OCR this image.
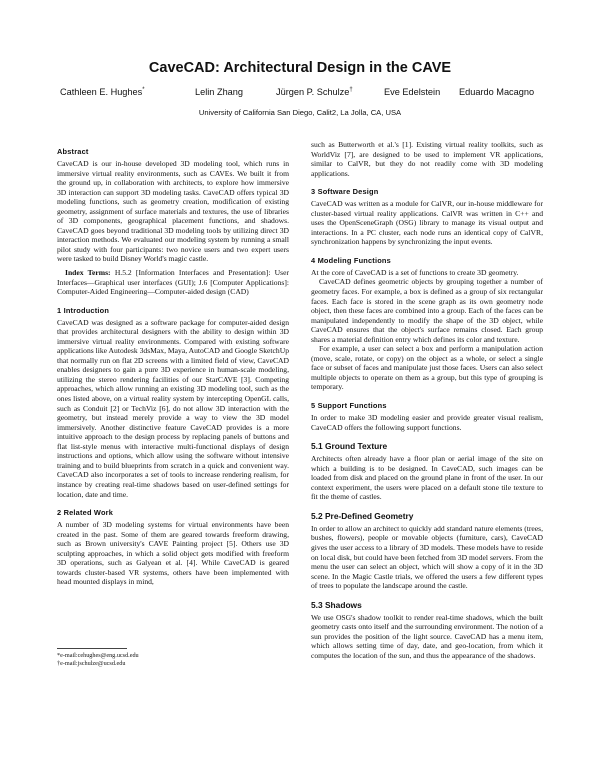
CaveCAD: Architectural Design in the CAVE
Cathleen E. Hughes*	Lelin Zhang	Jürgen P. Schulze†	Eve Edelstein Eduardo Macagno
University of California San Diego, Calit2, La Jolla, CA, USA
Abstract

CaveCAD is our in-house developed 3D modeling tool, which runs in immersive virtual reality environments, such as CAVEs. We built it from the ground up, in collaboration with architects, to explore how immersive 3D interaction can support 3D modeling tasks. CaveCAD offers typical 3D modeling functions, such as geometry creation, modification of existing geometry, assignment of surface materials and textures, the use of libraries of 3D components, geographical placement functions, and shadows. CaveCAD goes beyond traditional 3D modeling tools by utilizing direct 3D interaction methods. We evaluated our modeling system by running a small pilot study with four participants: two novice users and two expert users were tasked to build Disney World's magic castle.

Index Terms: H.5.2 [Information Interfaces and Presentation]: User Interfaces—Graphical user interfaces (GUI); J.6 [Computer Applications]: Computer-Aided Engineering—Computer-aided design (CAD)

1 Introduction

CaveCAD was designed as a software package for computer-aided design that provides architectural designers with the ability to design within 3D immersive virtual reality environments. Compared with existing software applications like Autodesk 3dsMax, Maya, AutoCAD and Google SketchUp that normally run on flat 2D screens with a limited field of view, CaveCAD enables designers to gain a pure 3D experience in human-scale modeling, utilizing the stereo rendering facilities of our StarCAVE [3]. Competing approaches, which allow running an existing 3D modeling tool, such as the ones listed above, on a virtual reality system by intercepting OpenGL calls, such as Conduit [2] or TechViz [6], do not allow 3D interaction with the geometry, but instead merely provide a way to view the 3D model immersively. Another distinctive feature CaveCAD provides is a more intuitive approach to the design process by replacing panels of buttons and flat list-style menus with interactive multi-functional displays of design instructions and options, which allow using the software without intensive training and to build blueprints from scratch in a quick and convenient way. CaveCAD also incorporates a set of tools to increase rendering realism, for instance by creating real-time shadows based on user-defined settings for location, date and time.

2 Related Work

A number of 3D modeling systems for virtual environments have been created in the past. Some of them are geared towards freeform drawing, such as Brown university's CAVE Painting project [5]. Others use 3D sculpting approaches, in which a solid object gets modified with freeform 3D operations, such as Galyean et al. [4]. While CaveCAD is geared towards cluster-based VR systems, others have been implemented with head mounted displays in mind,

*e-mail:cehughes@eng.ucsd.edu
†e-mail:jschulze@ucsd.edu

such as Butterworth et al.'s [1]. Existing virtual reality toolkits, such as WorldViz [7], are designed to be used to implement VR applications, similar to CalVR, but they do not readily come with 3D modeling applications.

3 Software Design

CaveCAD was written as a module for CalVR, our in-house middleware for cluster-based virtual reality applications. CalVR was written in C++ and uses the OpenSceneGraph (OSG) library to manage its visual output and interactions. In a PC cluster, each node runs an identical copy of CalVR, synchronization happens by synchronizing the input events.

4 Modeling Functions

At the core of CaveCAD is a set of functions to create 3D geometry.

CaveCAD defines geometric objects by grouping together a number of geometry faces. For example, a box is defined as a group of six rectangular faces. Each face is stored in the scene graph as its own geometry node object, then these faces are combined into a group. Each of the faces can be manipulated independently to modify the shape of the 3D object, while CaveCAD ensures that the object's surface remains closed. Each group shares a material definition entry which defines its color and texture.

For example, a user can select a box and perform a manipulation action (move, scale, rotate, or copy) on the object as a whole, or select a single face or subset of faces and manipulate just those faces. Users can also select multiple objects to operate on them as a group, but this type of grouping is temporary.

5 Support Functions

In order to make 3D modeling easier and provide greater visual realism, CaveCAD offers the following support functions.

5.1 Ground Texture

Architects often already have a floor plan or aerial image of the site on which a building is to be designed. In CaveCAD, such images can be loaded from disk and placed on the ground plane in front of the user. In our context experiment, the users were placed on a default stone tile texture to fit the theme of castles.

5.2 Pre-Defined Geometry

In order to allow an architect to quickly add standard nature elements (trees, bushes, flowers), people or movable objects (furniture, cars), CaveCAD gives the user access to a library of 3D models. These models have to reside on local disk, but could have been fetched from 3D model servers. From the menu the user can select an object, which will show a copy of it in the 3D scene. In the Magic Castle trials, we offered the users a few different types of trees to populate the landscape around the castle.

5.3 Shadows

We use OSG's shadow toolkit to render real-time shadows, which the built geometry casts onto itself and the surrounding environment. The notion of a sun provides the position of the light source. CaveCAD has a menu item, which allows setting time of day, date, and geo-location, from which it computes the location of the sun, and thus the appearance of the shadows.
